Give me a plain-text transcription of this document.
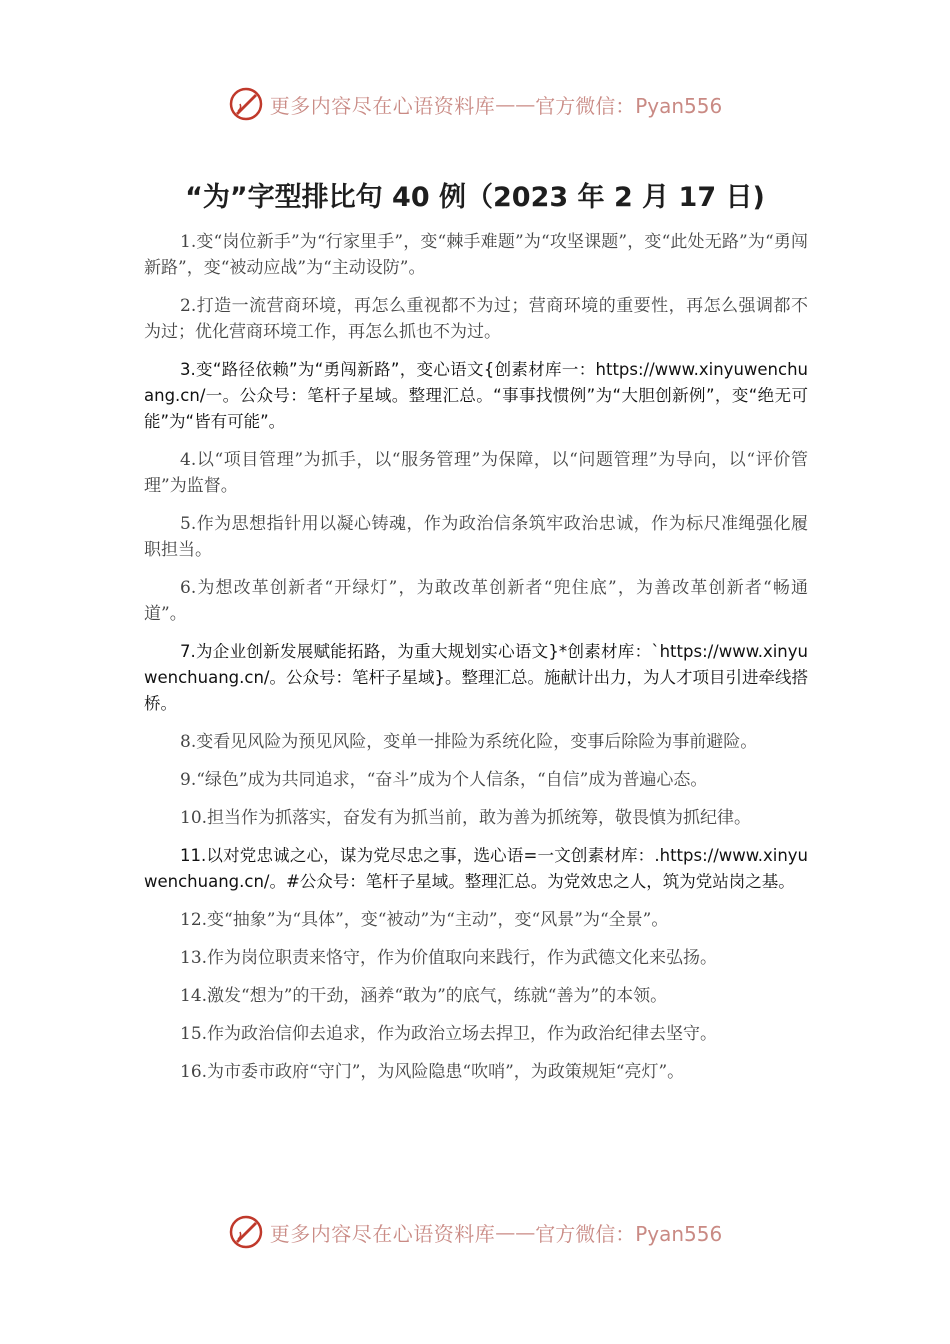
更多内容尽在心语资料库 —— 官方微信：Pyan556
“为”字型排比句 40 例（2023 年 2 月 17 日)

1.变“岗位新手”为“行家里手”，变“棘手难题”为“攻坚课题”，变“此处无路”为“勇闯新路”，变“被动应战”为“主动设防”。

2.打造一流营商环境，再怎么重视都不为过；营商环境的重要性，再怎么强调都不为过；优化营商环境工作，再怎么抓也不为过。

3.变“路径依赖”为“勇闯新路”，变心语文{创素材库一：https://www.xinyuwenchuang.cn/一。公众号：笔杆子星域。整理汇总。“事事找惯例”为“大胆创新例”，变“绝无可能”为“皆有可能”。

4.以“项目管理”为抓手，以“服务管理”为保障，以“问题管理”为导向，以“评价管理”为监督。

5.作为思想指针用以凝心铸魂，作为政治信条筑牢政治忠诚，作为标尺准绳强化履职担当。

6.为想改革创新者“开绿灯”，为敢改革创新者“兜住底”，为善改革创新者“畅通道”。

7.为企业创新发展赋能拓路，为重大规划实心语文}*创素材库：`https://www.xinyuwenchuang.cn/。公众号：笔杆子星域}。整理汇总。施献计出力，为人才项目引进牵线搭桥。

8.变看见风险为预见风险，变单一排险为系统化险，变事后除险为事前避险。

9.“绿色”成为共同追求，“奋斗”成为个人信条，“自信”成为普遍心态。

10.担当作为抓落实，奋发有为抓当前，敢为善为抓统筹，敬畏慎为抓纪律。

11.以对党忠诚之心，谋为党尽忠之事，选心语=一文创素材库：.https://www.xinyuwenchuang.cn/。#公众号：笔杆子星域。整理汇总。为党效忠之人，筑为党站岗之基。

12.变“抽象”为“具体”，变“被动”为“主动”，变“风景”为“全景”。

13.作为岗位职责来恪守，作为价值取向来践行，作为武德文化来弘扬。

14.激发“想为”的干劲，涵养“敢为”的底气，练就“善为”的本领。

15.作为政治信仰去追求，作为政治立场去捍卫，作为政治纪律去坚守。

16.为市委市政府“守门”，为风险隐患“吹哨”，为政策规矩“亮灯”。

更多内容尽在心语资料库 —— 官方微信：Pyan556
